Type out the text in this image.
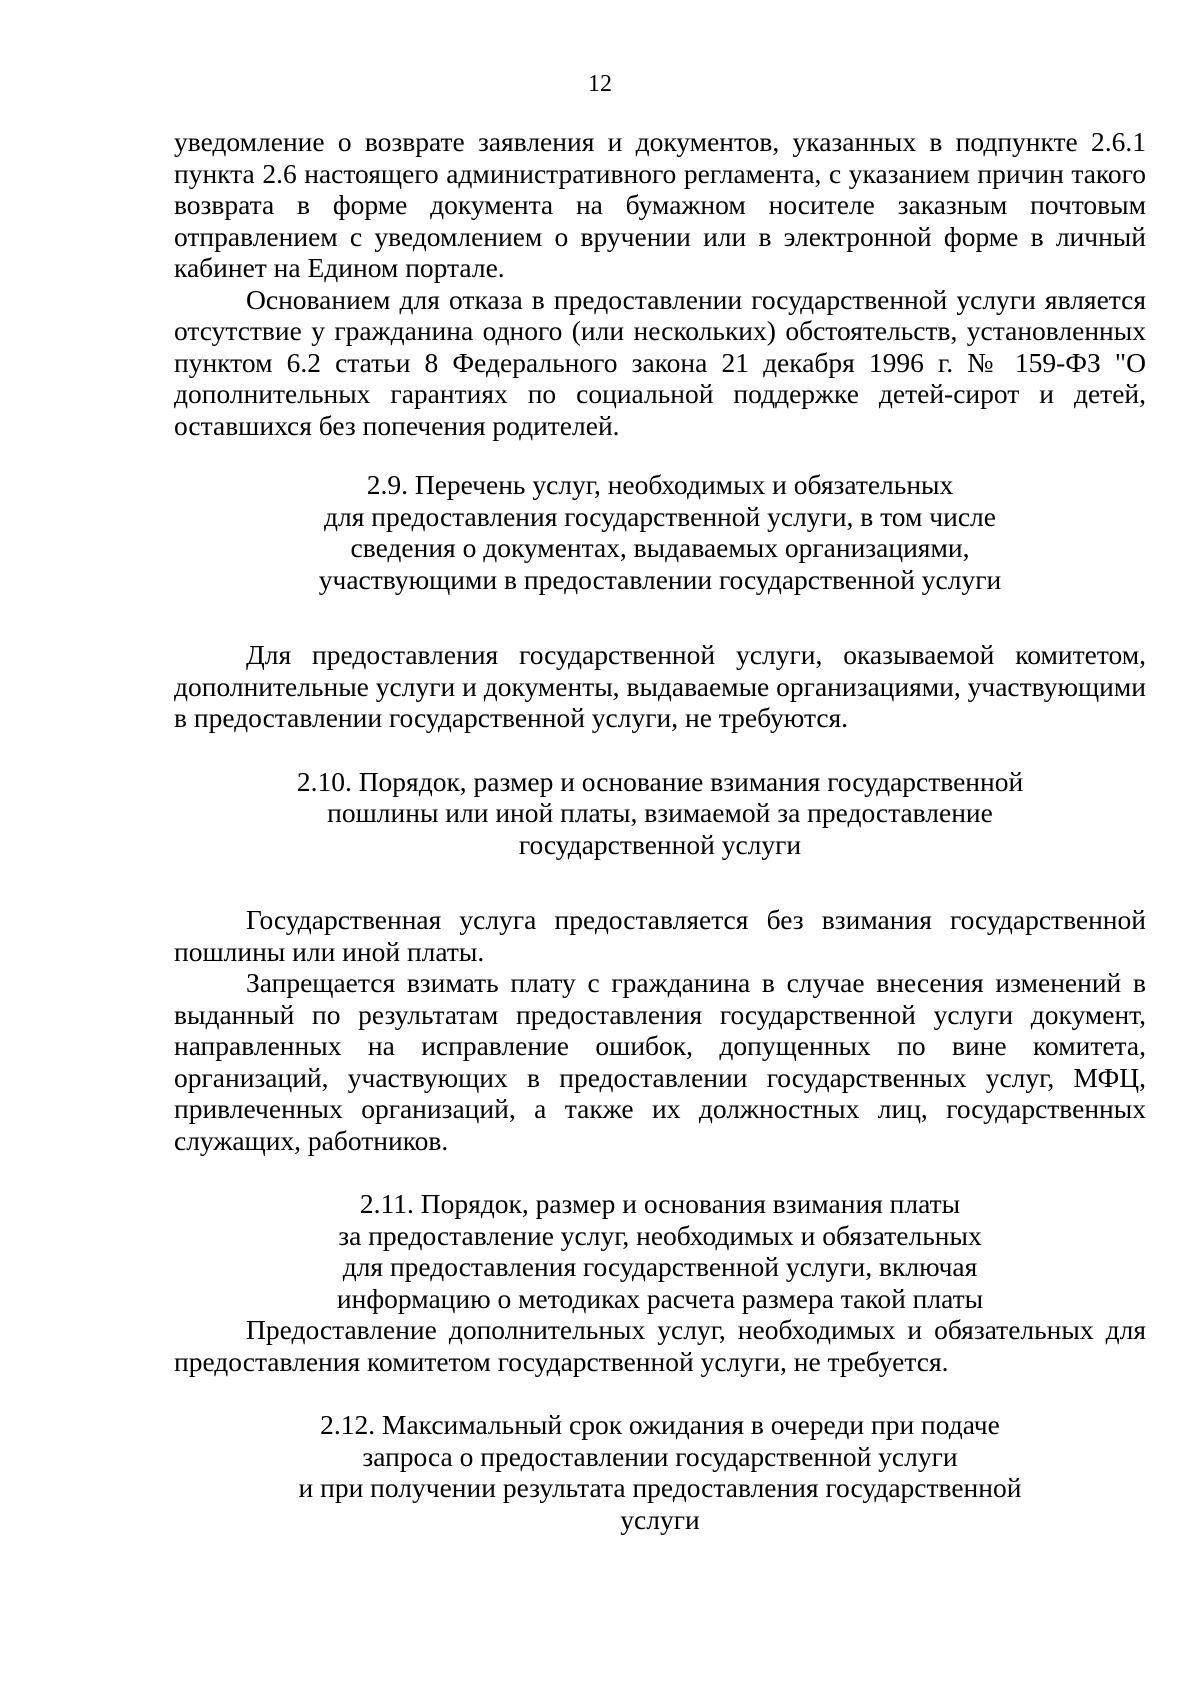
12

уведомление о возврате заявления и документов, указанных в подпункте 2.6.1 пункта 2.6 настоящего административного регламента, с указанием причин такого возврата в форме документа на бумажном носителе заказным почтовым отправлением с уведомлением о вручении или в электронной форме в личный кабинет на Едином портале.

Основанием для отказа в предоставлении государственной услуги является отсутствие у гражданина одного (или нескольких) обстоятельств, установленных пунктом 6.2 статьи 8 Федерального закона 21 декабря 1996 г. № 159-ФЗ "О дополнительных гарантиях по социальной поддержке детей-сирот и детей, оставшихся без попечения родителей.

2.9. Перечень услуг, необходимых и обязательных
для предоставления государственной услуги, в том числе
сведения о документах, выдаваемых организациями,
участвующими в предоставлении государственной услуги

Для предоставления государственной услуги, оказываемой комитетом, дополнительные услуги и документы, выдаваемые организациями, участвующими в предоставлении государственной услуги, не требуются.

2.10. Порядок, размер и основание взимания государственной
пошлины или иной платы, взимаемой за предоставление
государственной услуги

Государственная услуга предоставляется без взимания государственной пошлины или иной платы.

Запрещается взимать плату с гражданина в случае внесения изменений в выданный по результатам предоставления государственной услуги документ, направленных на исправление ошибок, допущенных по вине комитета, организаций, участвующих в предоставлении государственных услуг, МФЦ, привлеченных организаций, а также их должностных лиц, государственных служащих, работников.

2.11. Порядок, размер и основания взимания платы
за предоставление услуг, необходимых и обязательных
для предоставления государственной услуги, включая
информацию о методиках расчета размера такой платы

Предоставление дополнительных услуг, необходимых и обязательных для предоставления комитетом государственной услуги, не требуется.

2.12. Максимальный срок ожидания в очереди при подаче
запроса о предоставлении государственной услуги
и при получении результата предоставления государственной
услуги
